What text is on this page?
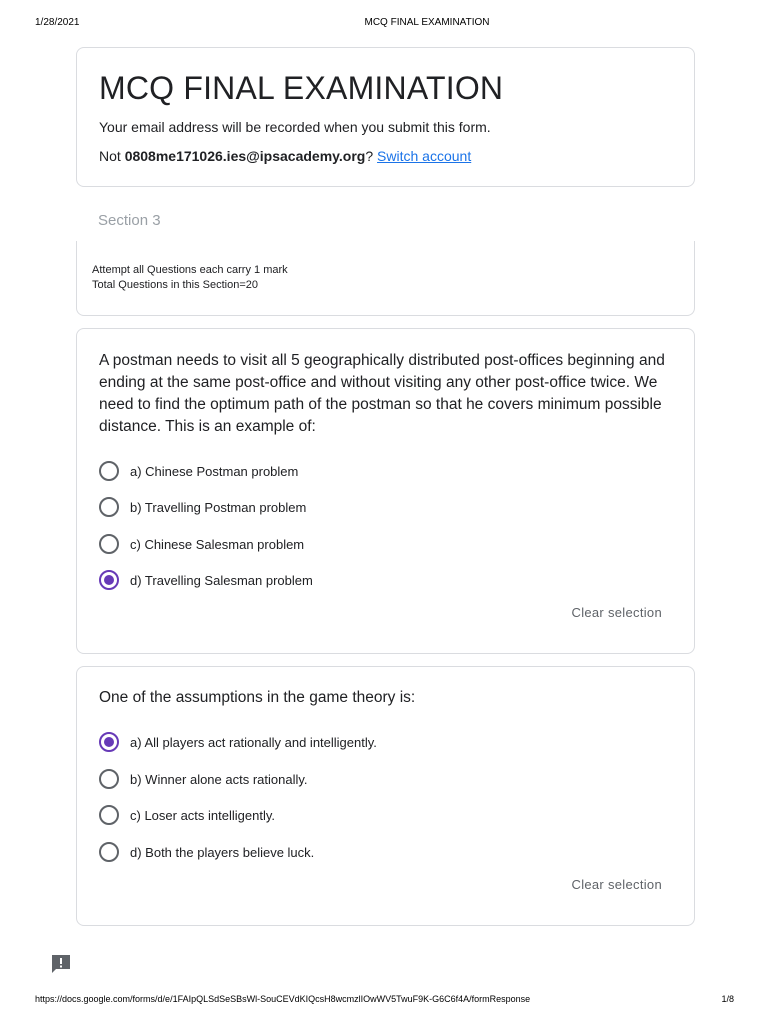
1/28/2021	MCQ FINAL EXAMINATION
MCQ FINAL EXAMINATION
Your email address will be recorded when you submit this form.
Not 0808me171026.ies@ipsacademy.org? Switch account
Section 3
Attempt all Questions each carry 1 mark
Total Questions in this Section=20
A postman needs to visit all 5 geographically distributed post-offices beginning and ending at the same post-office and without visiting any other post-office twice. We need to find the optimum path of the postman so that he covers minimum possible distance. This is an example of:
a) Chinese Postman problem
b) Travelling Postman problem
c) Chinese Salesman problem
d) Travelling Salesman problem
Clear selection
One of the assumptions in the game theory is:
a) All players act rationally and intelligently.
b) Winner alone acts rationally.
c) Loser acts intelligently.
d) Both the players believe luck.
Clear selection
https://docs.google.com/forms/d/e/1FAIpQLSdSeSBsWl-SouCEVdKIQcsH8wcmzlIOwWV5TwuF9K-G6C6f4A/formResponse	1/8
